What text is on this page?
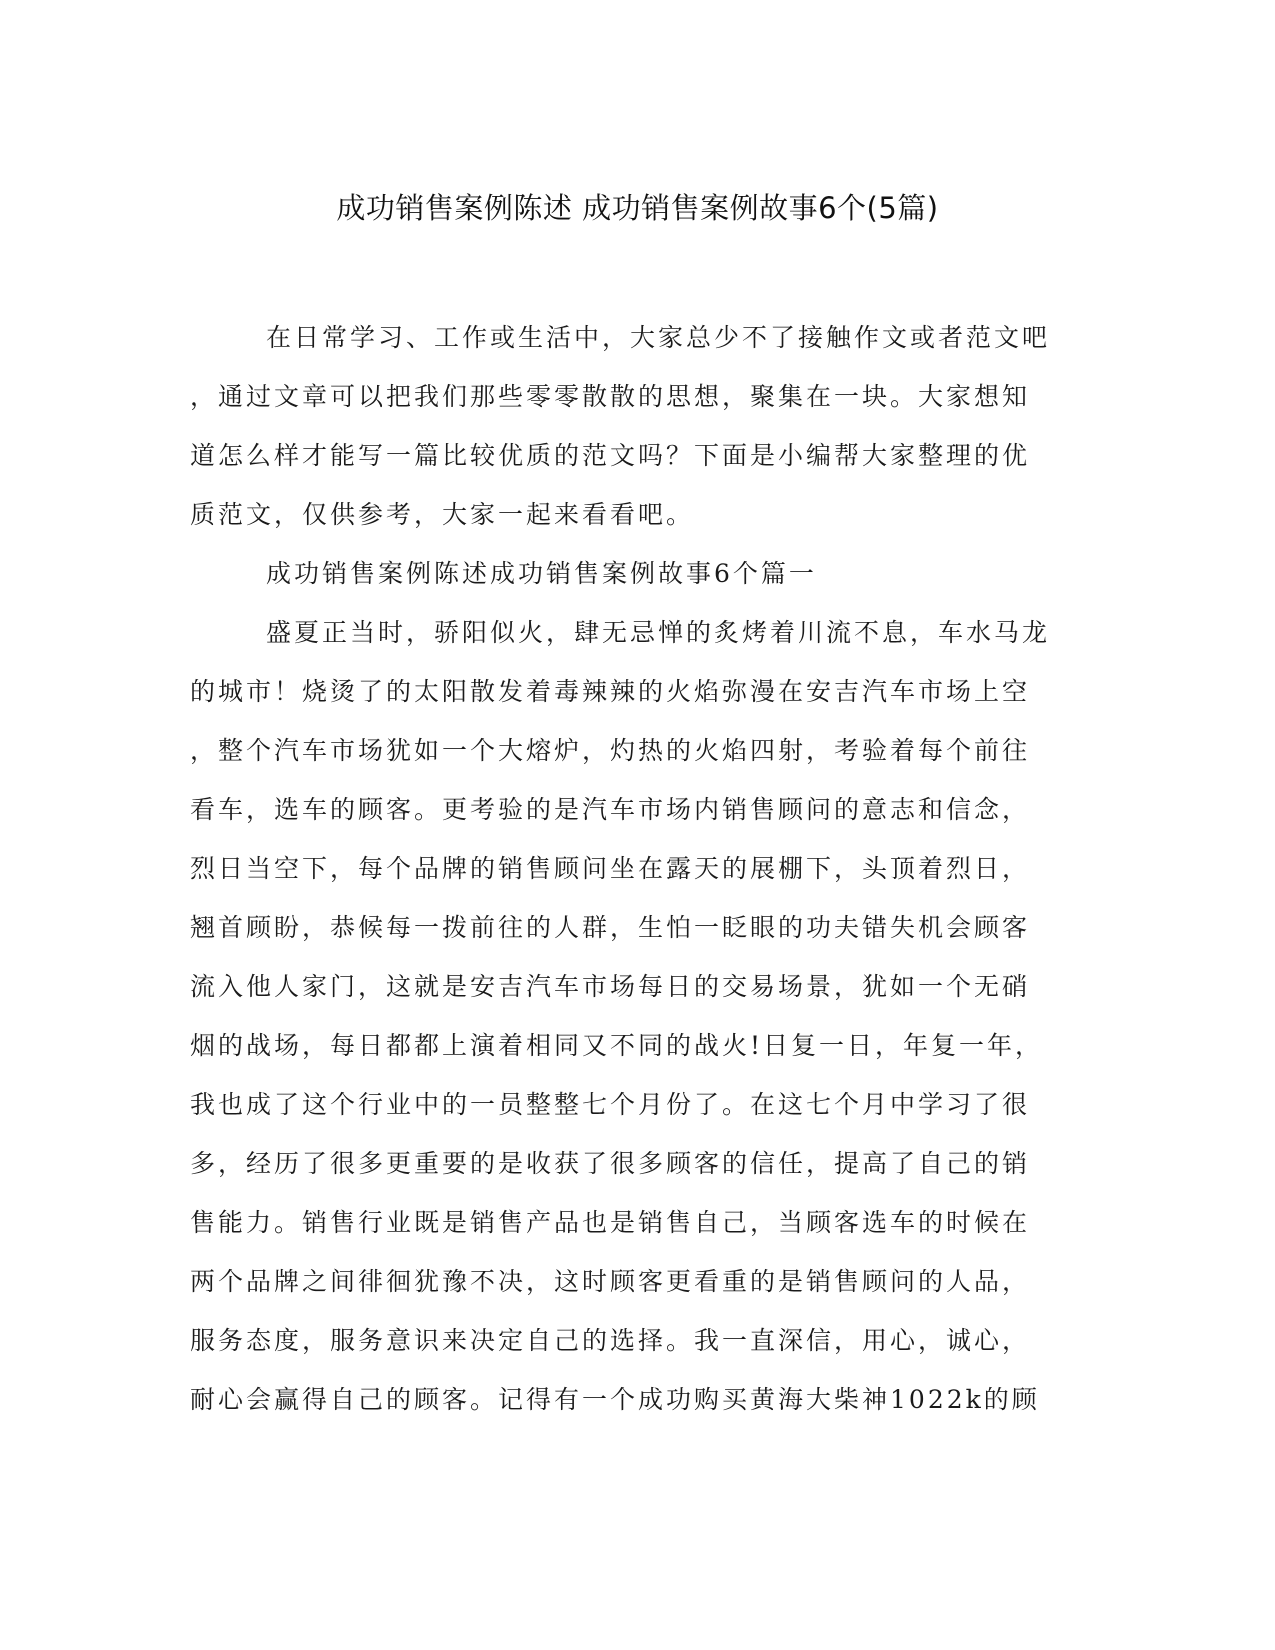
成功销售案例陈述 成功销售案例故事6个(5篇)
在日常学习、工作或生活中，大家总少不了接触作文或者范文吧
，通过文章可以把我们那些零零散散的思想，聚集在一块。大家想知
道怎么样才能写一篇比较优质的范文吗？下面是小编帮大家整理的优
质范文，仅供参考，大家一起来看看吧。
成功销售案例陈述成功销售案例故事6个篇一
盛夏正当时，骄阳似火，肆无忌惮的炙烤着川流不息，车水马龙
的城市！烧烫了的太阳散发着毒辣辣的火焰弥漫在安吉汽车市场上空
，整个汽车市场犹如一个大熔炉，灼热的火焰四射，考验着每个前往
看车，选车的顾客。更考验的是汽车市场内销售顾问的意志和信念，
烈日当空下，每个品牌的销售顾问坐在露天的展棚下，头顶着烈日，
翘首顾盼，恭候每一拨前往的人群，生怕一眨眼的功夫错失机会顾客
流入他人家门，这就是安吉汽车市场每日的交易场景，犹如一个无硝
烟的战场，每日都都上演着相同又不同的战火!日复一日，年复一年，
我也成了这个行业中的一员整整七个月份了。在这七个月中学习了很
多，经历了很多更重要的是收获了很多顾客的信任，提高了自己的销
售能力。销售行业既是销售产品也是销售自己，当顾客选车的时候在
两个品牌之间徘徊犹豫不决，这时顾客更看重的是销售顾问的人品，
服务态度，服务意识来决定自己的选择。我一直深信，用心，诚心，
耐心会赢得自己的顾客。记得有一个成功购买黄海大柴神1022k的顾
